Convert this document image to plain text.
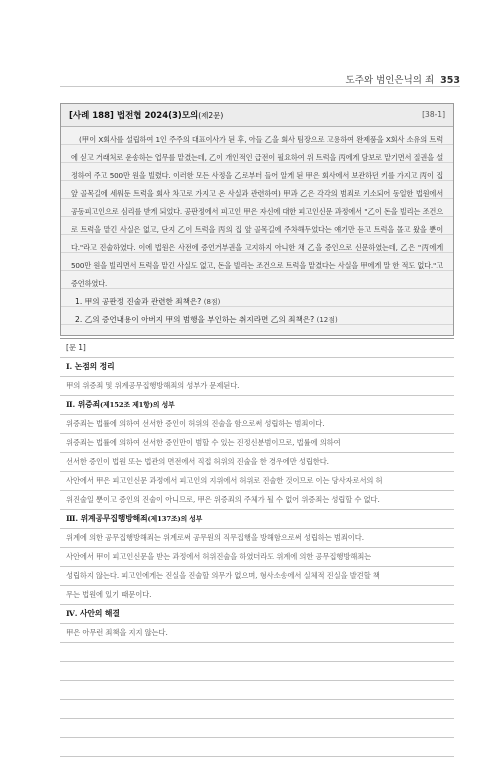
도주와 범인은닉의 죄 353
[사례 188] 법전협 2024(3)모의(제2문)	[38-1]

(甲이 X회사를 설립하여 1인 주주의 대표이사가 된 후, 아들 乙을 회사 팀장으로 고용하여 완제품을 X회사 소유의 트럭에 싣고 거래처로 운송하는 업무를 맡겼는데, 乙이 개인적인 급전이 필요하여 위 트럭을 丙에게 담보로 맡기면서 질권을 설정하여 주고 500만 원을 빌렸다. 이러한 모든 사정을 乙로부터 들어 알게 된 甲은 회사에서 보관하던 키를 가지고 丙이 집 앞 골목길에 세워둔 트럭을 회사 차고로 가지고 온 사실과 관련하여) 甲과 乙은 각각의 범죄로 기소되어 동일한 법원에서 공동피고인으로 심리를 받게 되었다. 공판정에서 피고인 甲은 자신에 대한 피고인신문 과정에서 "乙이 돈을 빌리는 조건으로 트럭을 맡긴 사실은 없고, 단지 乙이 트럭을 丙의 집 앞 골목길에 주차해두었다는 얘기만 듣고 트럭을 몰고 왔을 뿐이다."라고 진술하였다. 이에 법원은 사전에 증언거부권을 고지하지 아니한 채 乙을 증인으로 신문하였는데, 乙은 "丙에게 500만 원을 빌리면서 트럭을 맡긴 사실도 없고, 돈을 빌리는 조건으로 트럭을 맡겼다는 사실을 甲에게 말 한 적도 없다."고 증언하였다.

1. 甲의 공판정 진술과 관련한 죄책은? (8점)

2. 乙의 증언내용이 아버지 甲의 범행을 부인하는 취지라면 乙의 죄책은? (12점)

[문 1]
Ⅰ. 논점의 정리
甲의 위증죄 및 위계공무집행방해죄의 성부가 문제된다.
Ⅱ. 위증죄(제152조 제1항)의 성부
위증죄는 법률에 의하여 선서한 증인이 허위의 진술을 함으로써 성립하는 범죄이다.
위증죄는 법률에 의하여 선서한 증인만이 범할 수 있는 진정신분범이므로, 법률에 의하여
선서한 증인이 법원 또는 법관의 면전에서 직접 허위의 진술을 한 경우에만 성립한다.
사안에서 甲은 피고인신문 과정에서 피고인의 지위에서 허위로 진술한 것이므로 이는 당사자로서의 허
위진술일 뿐이고 증인의 진술이 아니므로, 甲은 위증죄의 주체가 될 수 없어 위증죄는 성립할 수 없다.
Ⅲ. 위계공무집행방해죄(제137조)의 성부
위계에 의한 공무집행방해죄는 위계로써 공무원의 직무집행을 방해함으로써 성립하는 범죄이다.
사안에서 甲이 피고인신문을 받는 과정에서 허위진술을 하였더라도 위계에 의한 공무집행방해죄는
성립하지 않는다. 피고인에게는 진실을 진술할 의무가 없으며, 형사소송에서 실체적 진실을 발견할 책
무는 법원에 있기 때문이다.
Ⅳ. 사안의 해결
甲은 아무런 죄책을 지지 않는다.
